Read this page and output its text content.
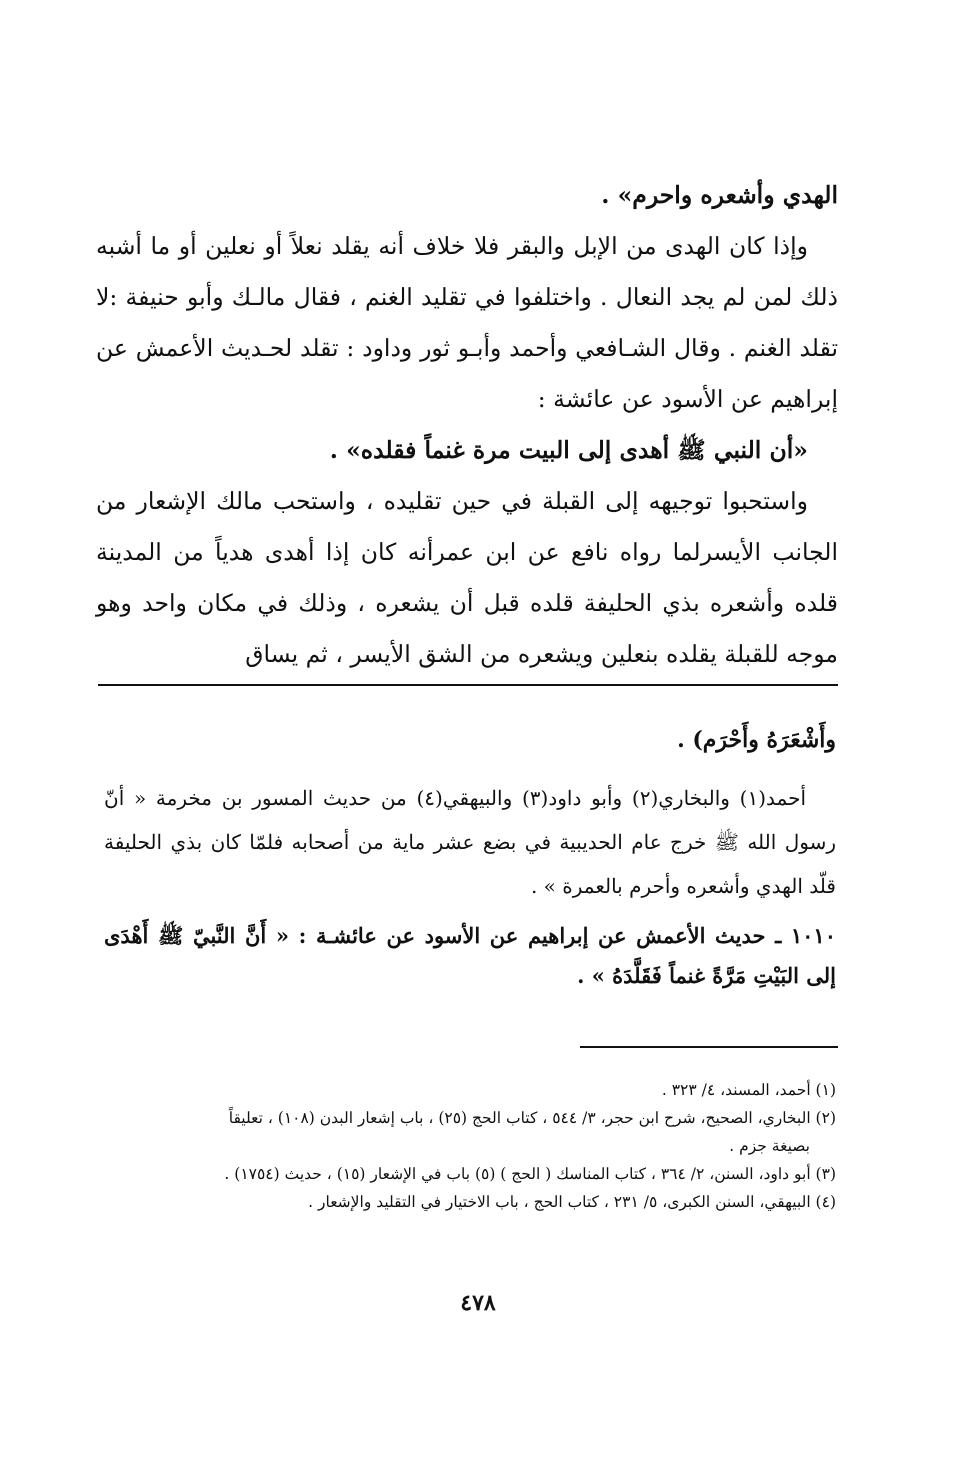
الهدي وأشعره واحرم» .

وإذا كان الهدى من الإبل والبقر فلا خلاف أنه يقلد نعلاً أو نعلين أو ما أشبه ذلك لمن لم يجد النعال . واختلفوا في تقليد الغنم ، فقال مالـك وأبو حنيفة :لا تقلد الغنم . وقال الشـافعي وأحمد وأبـو ثور وداود : تقلد لحـديث الأعمش عن إبراهيم عن الأسود عن عائشة :

«أن النبي ﷺ أهدى إلى البيت مرة غنماً فقلده» .

واستحبوا توجيهه إلى القبلة في حين تقليده ، واستحب مالك الإشعار من الجانب الأيسرلما رواه نافع عن ابن عمرأنه كان إذا أهدى هدياً من المدينة قلده وأشعره بذي الحليفة قلده قبل أن يشعره ، وذلك في مكان واحد وهو موجه للقبلة يقلده بنعلين ويشعره من الشق الأيسر ، ثم يساق

وأَشْعَرَهُ وأَحْرَم) .

أحمد(١) والبخاري(٢) وأبو داود(٣) والبيهقي(٤) من حديث المسور بن مخرمة « أنّ رسول الله ﷺ خرج عام الحديبية في بضع عشر ماية من أصحابه فلمّا كان بذي الحليفة قلّد الهدي وأشعره وأحرم بالعمرة » .

١٠١٠ ـ حديث الأعمش عن إبراهيم عن الأسود عن عائشـة : « أَنَّ النَّبيّ ﷺ أَهْدَى إلى البَيْتِ مَرَّةً غنماً فَقَلَّدَهُ » .

(١) أحمد، المسند، ٤/ ٣٢٣ .

(٢) البخاري، الصحيح، شرح ابن حجر، ٣/ ٥٤٤ ، كتاب الحج (٢٥) ، باب إشعار البدن (١٠٨) ، تعليقاً

بصيغة جزم .

(٣) أبو داود، السنن، ٢/ ٣٦٤ ، كتاب المناسك ( الحج ) (٥) باب في الإشعار (١٥) ، حديث (١٧٥٤) .

(٤) البيهقي، السنن الكبرى، ٥/ ٢٣١ ، كتاب الحج ، باب الاختيار في التقليد والإشعار .

٤٧٨
